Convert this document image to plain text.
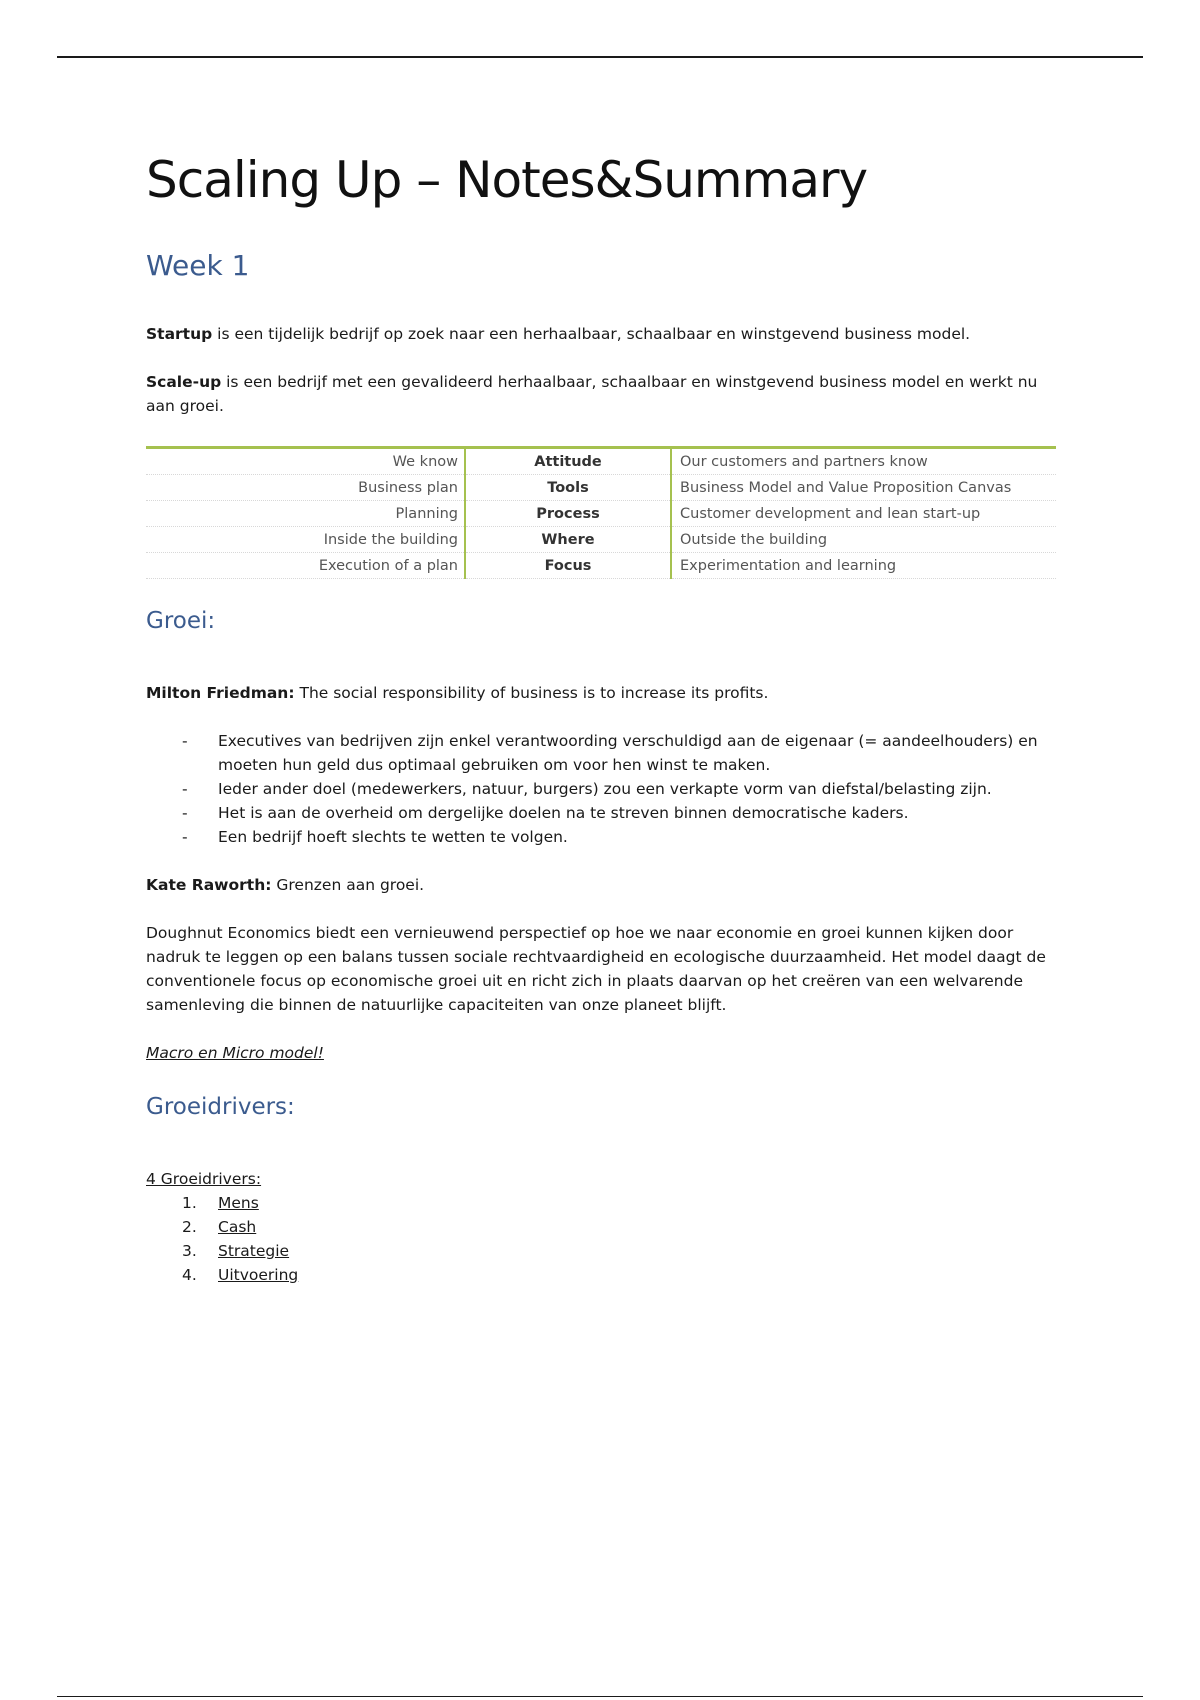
Scaling Up – Notes&Summary
Week 1

Startup is een tijdelijk bedrijf op zoek naar een herhaalbaar, schaalbaar en winstgevend business model.

Scale-up is een bedrijf met een gevalideerd herhaalbaar, schaalbaar en winstgevend business model en werkt nu aan groei.

We know	Attitude	Our customers and partners know
Business plan	Tools	Business Model and Value Proposition Canvas
Planning	Process	Customer development and lean start-up
Inside the building	Where	Outside the building
Execution of a plan	Focus	Experimentation and learning
Groei:

Milton Friedman: The social responsibility of business is to increase its profits.

- Executives van bedrijven zijn enkel verantwoording verschuldigd aan de eigenaar (= aandeelhouders) en moeten hun geld dus optimaal gebruiken om voor hen winst te maken.
- Ieder ander doel (medewerkers, natuur, burgers) zou een verkapte vorm van diefstal/belasting zijn.
- Het is aan de overheid om dergelijke doelen na te streven binnen democratische kaders.
- Een bedrijf hoeft slechts te wetten te volgen.

Kate Raworth: Grenzen aan groei.

Doughnut Economics biedt een vernieuwend perspectief op hoe we naar economie en groei kunnen kijken door nadruk te leggen op een balans tussen sociale rechtvaardigheid en ecologische duurzaamheid. Het model daagt de conventionele focus op economische groei uit en richt zich in plaats daarvan op het creëren van een welvarende samenleving die binnen de natuurlijke capaciteiten van onze planeet blijft.

Macro en Micro model!

Groeidrivers:

4 Groeidrivers:

1. Mens
2. Cash
3. Strategie
4. Uitvoering
